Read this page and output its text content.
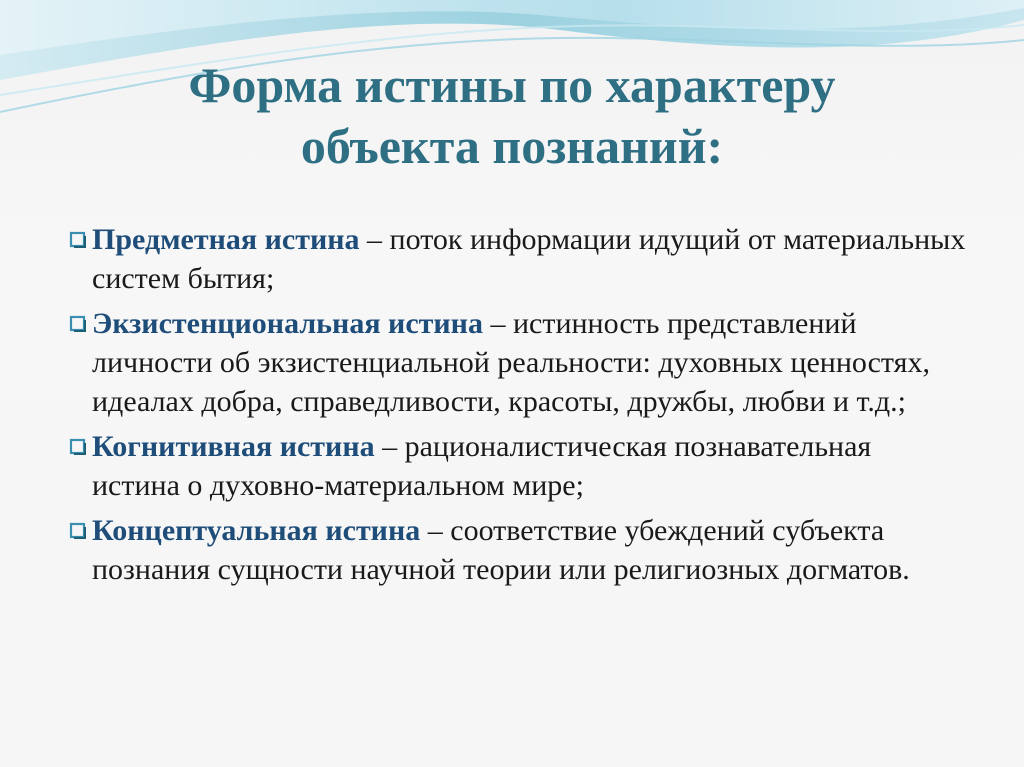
Форма истины по характеру
объекта познаний:
Предметная истина – поток информации идущий от материальных систем бытия;
Экзистенциональная истина – истинность представлений личности об экзистенциальной реальности: духовных ценностях, идеалах добра, справедливости, красоты, дружбы, любви и т.д.;
Когнитивная истина – рационалистическая познавательная истина о духовно-материальном мире;
Концептуальная истина – соответствие убеждений субъекта познания сущности научной теории или религиозных догматов.
